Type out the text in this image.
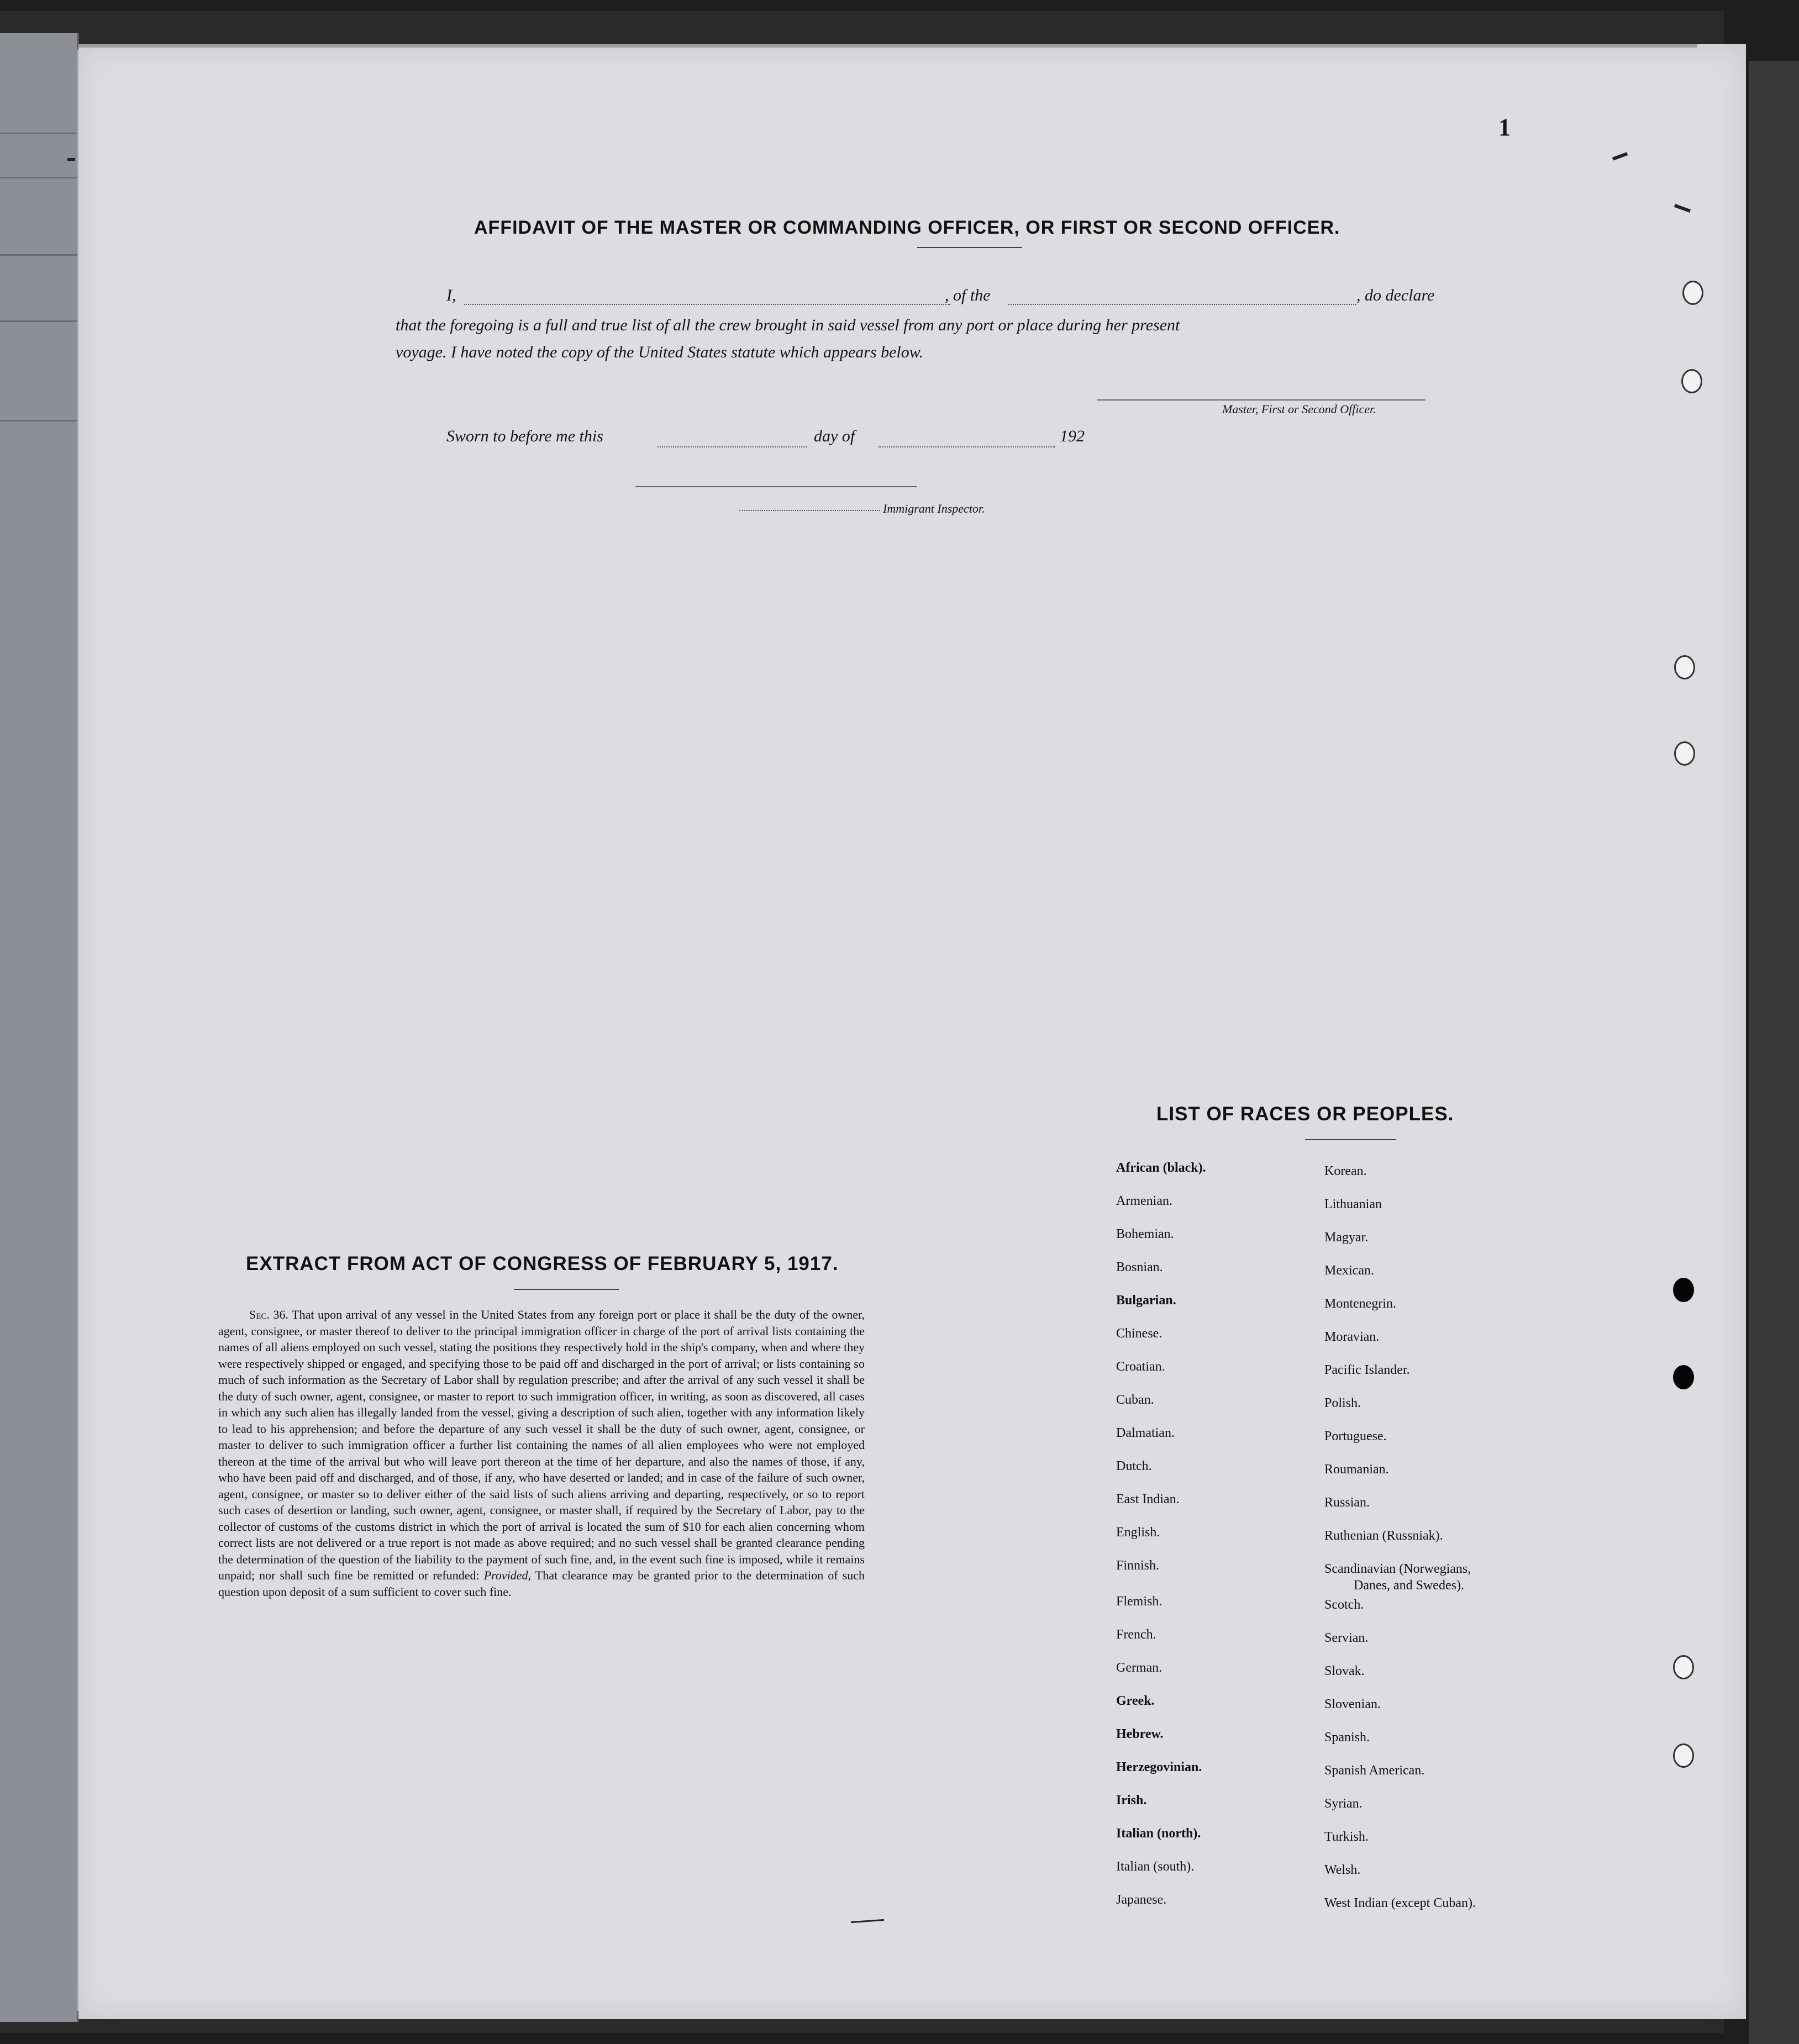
1
AFFIDAVIT OF THE MASTER OR COMMANDING OFFICER, OR FIRST OR SECOND OFFICER.
I,	, of the	, do declare
that the foregoing is a full and true list of all the crew brought in said vessel from any port or place during her present
voyage. I have noted the copy of the United States statute which appears below.
Master, First or Second Officer.
Sworn to before me this	day of	192
Immigrant Inspector.
EXTRACT FROM ACT OF CONGRESS OF FEBRUARY 5, 1917.
Sec. 36. That upon arrival of any vessel in the United States from any foreign port or place it shall be the duty of the owner, agent, consignee, or master thereof to deliver to the principal immigration officer in charge of the port of arrival lists containing the names of all aliens employed on such vessel, stating the positions they respectively hold in the ship's company, when and where they were respectively shipped or engaged, and specifying those to be paid off and discharged in the port of arrival; or lists containing so much of such information as the Secretary of Labor shall by regulation prescribe; and after the arrival of any such vessel it shall be the duty of such owner, agent, consignee, or master to report to such immigration officer, in writing, as soon as discovered, all cases in which any such alien has illegally landed from the vessel, giving a description of such alien, together with any information likely to lead to his apprehension; and before the departure of any such vessel it shall be the duty of such owner, agent, consignee, or master to deliver to such immigration officer a further list containing the names of all alien employees who were not employed thereon at the time of the arrival but who will leave port thereon at the time of her departure, and also the names of those, if any, who have been paid off and discharged, and of those, if any, who have deserted or landed; and in case of the failure of such owner, agent, consignee, or master so to deliver either of the said lists of such aliens arriving and departing, respectively, or so to report such cases of desertion or landing, such owner, agent, consignee, or master shall, if required by the Secretary of Labor, pay to the collector of customs of the customs district in which the port of arrival is located the sum of $10 for each alien concerning whom correct lists are not delivered or a true report is not made as above required; and no such vessel shall be granted clearance pending the determination of the question of the liability to the payment of such fine, and, in the event such fine is imposed, while it remains unpaid; nor shall such fine be remitted or refunded: Provided, That clearance may be granted prior to the determination of such question upon deposit of a sum sufficient to cover such fine.
LIST OF RACES OR PEOPLES.
African (black).
Armenian.
Bohemian.
Bosnian.
Bulgarian.
Chinese.
Croatian.
Cuban.
Dalmatian.
Dutch.
East Indian.
English.
Finnish.
Flemish.
French.
German.
Greek.
Hebrew.
Herzegovinian.
Irish.
Italian (north).
Italian (south).
Japanese.
Korean.
Lithuanian
Magyar.
Mexican.
Montenegrin.
Moravian.
Pacific Islander.
Polish.
Portuguese.
Roumanian.
Russian.
Ruthenian (Russniak).
Scandinavian (Norwegians,
Danes, and Swedes).
Scotch.
Servian.
Slovak.
Slovenian.
Spanish.
Spanish American.
Syrian.
Turkish.
Welsh.
West Indian (except Cuban).
